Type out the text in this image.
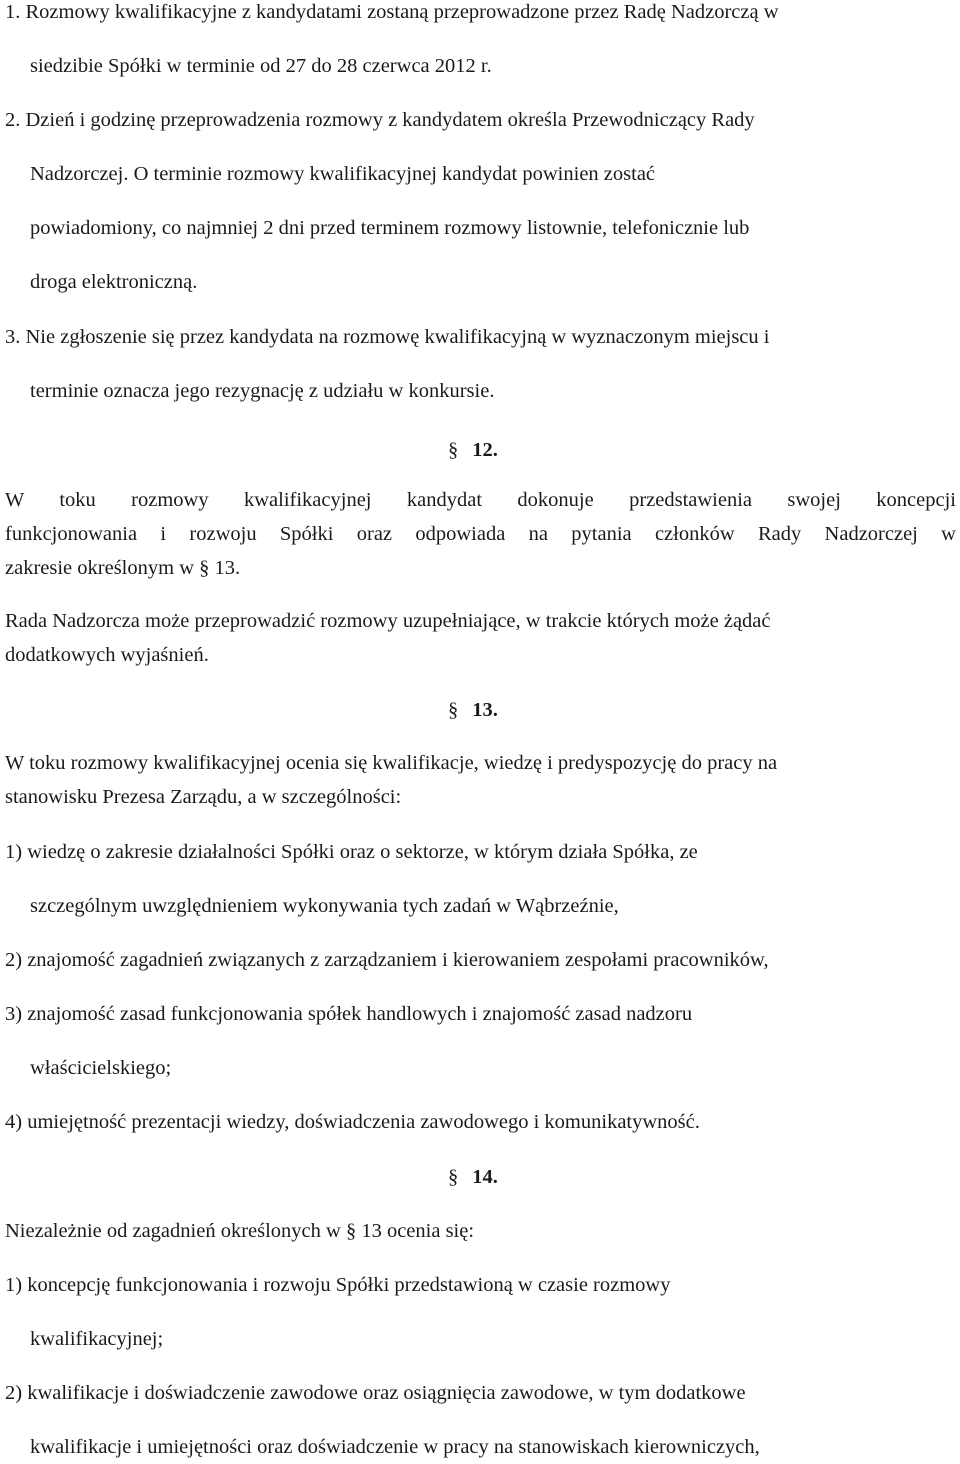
1. Rozmowy kwalifikacyjne z kandydatami zostaną przeprowadzone przez Radę Nadzorczą w
siedzibie Spółki w terminie od 27 do 28 czerwca 2012 r.
2. Dzień i godzinę przeprowadzenia rozmowy z kandydatem określa Przewodniczący Rady
Nadzorczej. O terminie rozmowy kwalifikacyjnej kandydat powinien zostać
powiadomiony, co najmniej 2 dni przed terminem rozmowy listownie, telefonicznie lub
droga elektroniczną.
3. Nie zgłoszenie się przez kandydata na rozmowę kwalifikacyjną w wyznaczonym miejscu i
terminie oznacza jego rezygnację z udziału w konkursie.
§ 12.
W toku rozmowy kwalifikacyjnej kandydat dokonuje przedstawienia swojej koncepcji
funkcjonowania i rozwoju Spółki oraz odpowiada na pytania członków Rady Nadzorczej w
zakresie określonym w § 13.
Rada Nadzorcza może przeprowadzić rozmowy uzupełniające, w trakcie których może żądać
dodatkowych wyjaśnień.
§ 13.
W toku rozmowy kwalifikacyjnej ocenia się kwalifikacje, wiedzę i predyspozycję do pracy na
stanowisku Prezesa Zarządu, a w szczególności:
1) wiedzę o zakresie działalności Spółki oraz o sektorze, w którym działa Spółka, ze
szczególnym uwzględnieniem wykonywania tych zadań w Wąbrzeźnie,
2) znajomość zagadnień związanych z zarządzaniem i kierowaniem zespołami pracowników,
3) znajomość zasad funkcjonowania spółek handlowych i znajomość zasad nadzoru
właścicielskiego;
4) umiejętność prezentacji wiedzy, doświadczenia zawodowego i komunikatywność.
§ 14.
Niezależnie od zagadnień określonych w § 13 ocenia się:
1) koncepcję funkcjonowania i rozwoju Spółki przedstawioną w czasie rozmowy
kwalifikacyjnej;
2) kwalifikacje i doświadczenie zawodowe oraz osiągnięcia zawodowe, w tym dodatkowe
kwalifikacje i umiejętności oraz doświadczenie w pracy na stanowiskach kierowniczych,
